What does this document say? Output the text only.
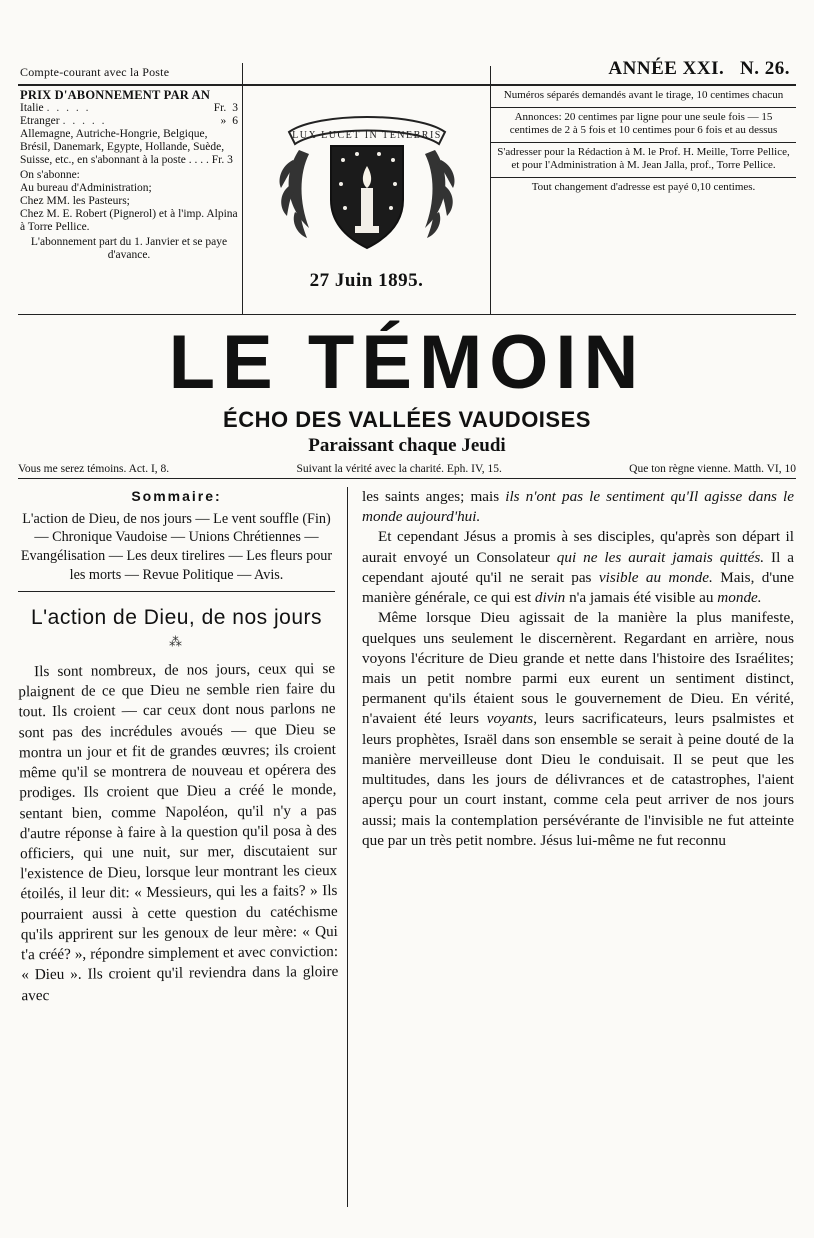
Compte-courant avec la Poste
	ANNÉE XXI. N. 26.
PRIX D'ABONNEMENT PAR AN
Italie . . . . .	Fr. 3
Etranger . . . . .	» 6
Allemagne, Autriche-Hongrie, Belgique, Brésil, Danemark, Egypte, Hollande, Suède, Suisse, etc., en s'abonnant à la poste . . . . Fr. 3
On s'abonne:
Au bureau d'Administration;
Chez MM. les Pasteurs;
Chez M. E. Robert (Pignerol) et à l'imp. Alpina à Torre Pellice.
L'abonnement part du 1. Janvier et se paye d'avance.
LUX LUCET IN TENEBRIS
27 Juin 1895.
Numéros séparés demandés avant le tirage, 10 centimes chacun
Annonces: 20 centimes par ligne pour une seule fois — 15 centimes de 2 à 5 fois et 10 centimes pour 6 fois et au dessus
S'adresser pour la Rédaction à M. le Prof. H. Meille, Torre Pellice, et pour l'Administration à M. Jean Jalla, prof., Torre Pellice.
Tout changement d'adresse est payé 0,10 centimes.
LE TÉMOIN
ÉCHO DES VALLÉES VAUDOISES
Paraissant chaque Jeudi
Vous me serez témoins. Act. I, 8.	Suivant la vérité avec la charité. Eph. IV, 15.	Que ton règne vienne. Matth. VI, 10
Sommaire:
L'action de Dieu, de nos jours — Le vent souffle (Fin) — Chronique Vaudoise — Unions Chrétiennes — Evangélisation — Les deux tirelires — Les fleurs pour les morts — Revue Politique — Avis.
L'action de Dieu, de nos jours
⁂

Ils sont nombreux, de nos jours, ceux qui se plaignent de ce que Dieu ne semble rien faire du tout. Ils croient — car ceux dont nous parlons ne sont pas des incrédules avoués — que Dieu se montra un jour et fit de grandes œuvres; ils croient même qu'il se montrera de nouveau et opérera des prodiges. Ils croient que Dieu a créé le monde, sentant bien, comme Napoléon, qu'il n'y a pas d'autre réponse à faire à la question qu'il posa à des officiers, qui une nuit, sur mer, discutaient sur l'existence de Dieu, lorsque leur montrant les cieux étoilés, il leur dit: « Messieurs, qui les a faits? » Ils pourraient aussi à cette question du catéchisme qu'ils apprirent sur les genoux de leur mère: « Qui t'a créé? », répondre simplement et avec conviction: « Dieu ». Ils croient qu'il reviendra dans la gloire avec

les saints anges; mais ils n'ont pas le sentiment qu'Il agisse dans le monde aujourd'hui.

Et cependant Jésus a promis à ses disciples, qu'après son départ il aurait envoyé un Consolateur qui ne les aurait jamais quittés. Il a cependant ajouté qu'il ne serait pas visible au monde. Mais, d'une manière générale, ce qui est divin n'a jamais été visible au monde.

Même lorsque Dieu agissait de la manière la plus manifeste, quelques uns seulement le discernèrent. Regardant en arrière, nous voyons l'écriture de Dieu grande et nette dans l'histoire des Israélites; mais un petit nombre parmi eux eurent un sentiment distinct, permanent qu'ils étaient sous le gouvernement de Dieu. En vérité, n'avaient été leurs voyants, leurs sacrificateurs, leurs psalmistes et leurs prophètes, Israël dans son ensemble se serait à peine douté de la manière merveilleuse dont Dieu le conduisait. Il se peut que les multitudes, dans les jours de délivrances et de catastrophes, l'aient aperçu pour un court instant, comme cela peut arriver de nos jours aussi; mais la contemplation persévérante de l'invisible ne fut atteinte que par un très petit nombre. Jésus lui-même ne fut reconnu
